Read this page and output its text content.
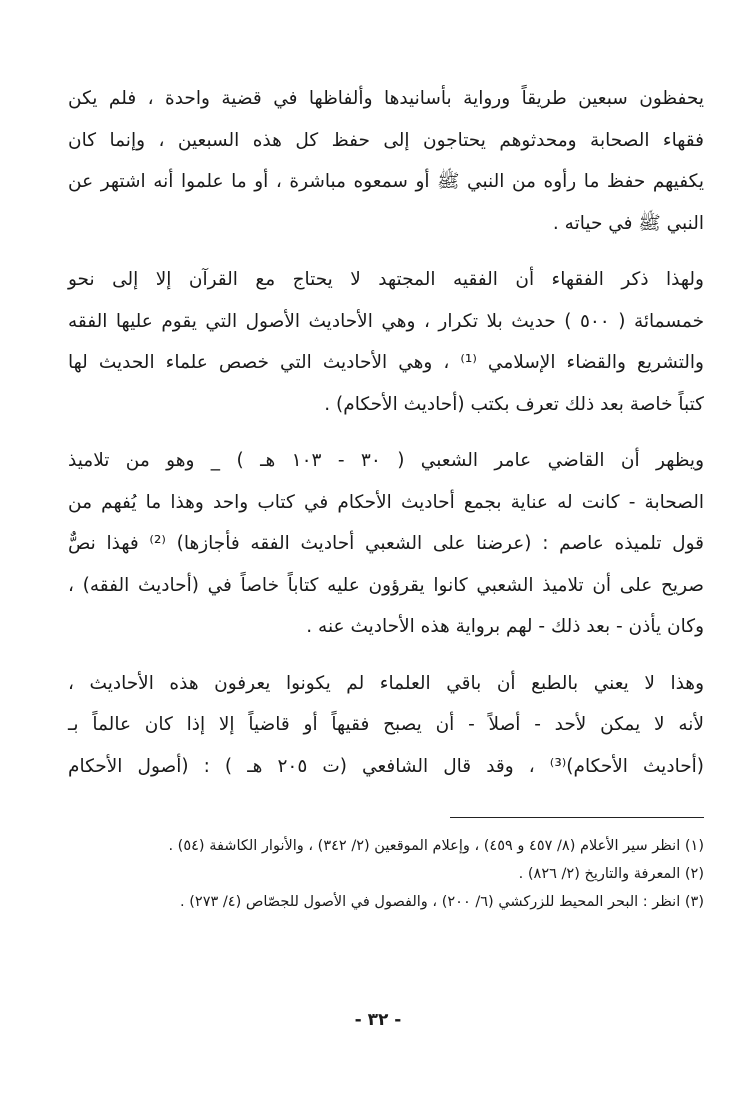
يحفظون سبعين طريقاً ورواية بأسانيدها وألفاظها في قضية واحدة ، فلم يكن
فقهاء الصحابة ومحدثوهم يحتاجون إلى حفظ كل هذه السبعين ، وإنما كان
يكفيهم حفظ ما رأوه من النبي ﷺ أو سمعوه مباشرة ، أو ما علموا أنه اشتهر عن
النبي ﷺ في حياته .

ولهذا ذكر الفقهاء أن الفقيه المجتهد لا يحتاج مع القرآن إلا إلى نحو
خمسمائة ( ٥٠٠ ) حديث بلا تكرار ، وهي الأحاديث الأصول التي يقوم عليها الفقه
والتشريع والقضاء الإسلامي ⁽¹⁾ ، وهي الأحاديث التي خصص علماء الحديث لها
كتباً خاصة بعد ذلك تعرف بكتب (أحاديث الأحكام) .

ويظهر أن القاضي عامر الشعبي ( ٣٠ - ١٠٣ هـ ) _ وهو من تلاميذ
الصحابة - كانت له عناية بجمع أحاديث الأحكام في كتاب واحد وهذا ما يُفهم من
قول تلميذه عاصم : (عرضنا على الشعبي أحاديث الفقه فأجازها) ⁽²⁾ فهذا نصٌّ
صريح على أن تلاميذ الشعبي كانوا يقرؤون عليه كتاباً خاصاً في (أحاديث الفقه) ،
وكان يأذن - بعد ذلك - لهم برواية هذه الأحاديث عنه .

وهذا لا يعني بالطبع أن باقي العلماء لم يكونوا يعرفون هذه الأحاديث ،
لأنه لا يمكن لأحد - أصلاً - أن يصبح فقيهاً أو قاضياً إلا إذا كان عالماً بـ
(أحاديث الأحكام)⁽³⁾ ، وقد قال الشافعي (ت ٢٠٥ هـ ) : (أصول الأحكام

(١) انظر سير الأعلام (٨/ ٤٥٧ و ٤٥٩) ، وإعلام الموقعين (٢/ ٣٤٢) ، والأنوار الكاشفة (٥٤) .
(٢) المعرفة والتاريخ (٢/ ٨٢٦) .
(٣) انظر : البحر المحيط للزركشي (٦/ ٢٠٠) ، والفصول في الأصول للجصّاص (٤/ ٢٧٣) .
- ٣٢ -
